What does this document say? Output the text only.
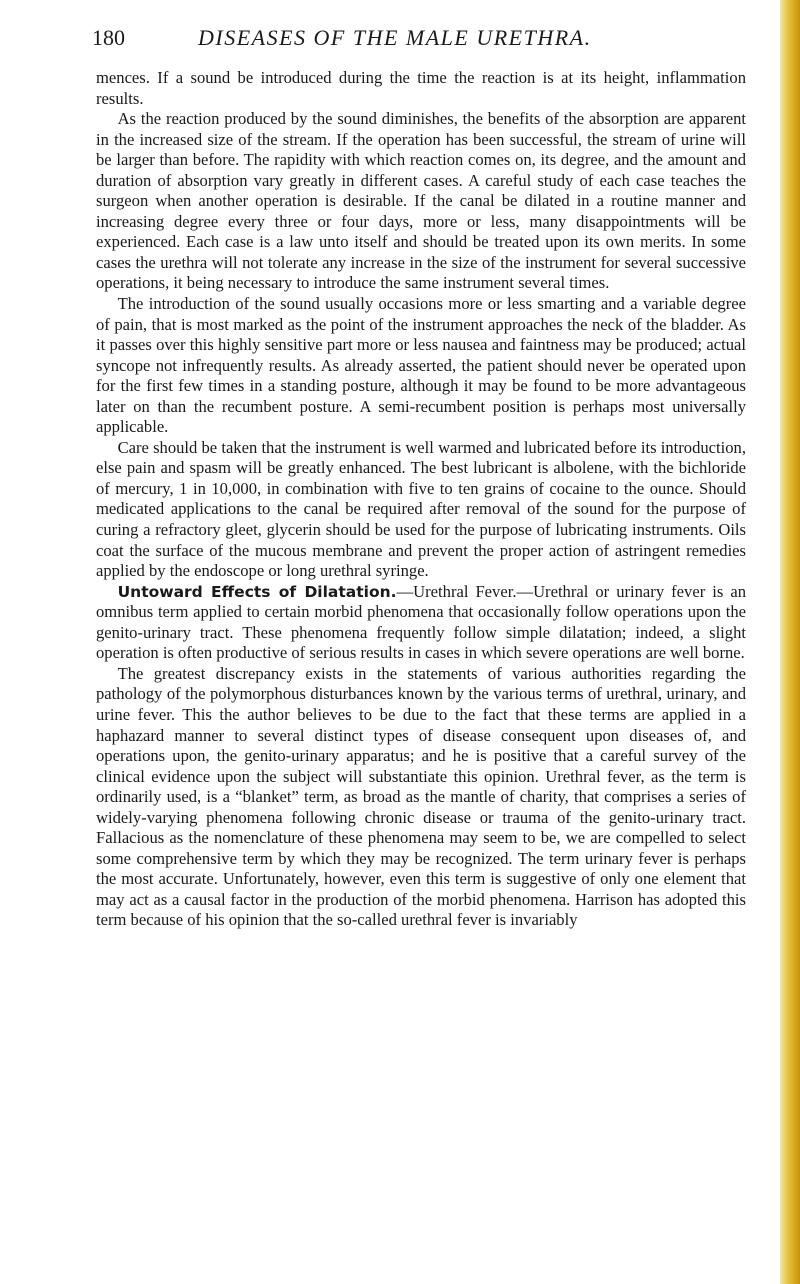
180	DISEASES OF THE MALE URETHRA.

mences. If a sound be introduced during the time the reaction is at its height, inflammation results.

As the reaction produced by the sound diminishes, the benefits of the absorption are apparent in the increased size of the stream. If the operation has been successful, the stream of urine will be larger than before. The rapidity with which reaction comes on, its degree, and the amount and duration of absorption vary greatly in different cases. A careful study of each case teaches the surgeon when another operation is desirable. If the canal be dilated in a routine manner and increasing degree every three or four days, more or less, many disappointments will be experienced. Each case is a law unto itself and should be treated upon its own merits. In some cases the urethra will not tolerate any increase in the size of the instrument for several successive operations, it being necessary to introduce the same instrument several times.

The introduction of the sound usually occasions more or less smarting and a variable degree of pain, that is most marked as the point of the instrument approaches the neck of the bladder. As it passes over this highly sensitive part more or less nausea and faintness may be produced; actual syncope not infrequently results. As already asserted, the patient should never be operated upon for the first few times in a standing posture, although it may be found to be more advantageous later on than the recumbent posture. A semi-recumbent position is perhaps most universally applicable.

Care should be taken that the instrument is well warmed and lubricated before its introduction, else pain and spasm will be greatly enhanced. The best lubricant is albolene, with the bichloride of mercury, 1 in 10,000, in combination with five to ten grains of cocaine to the ounce. Should medicated applications to the canal be required after removal of the sound for the purpose of curing a refractory gleet, glycerin should be used for the purpose of lubricating instruments. Oils coat the surface of the mucous membrane and prevent the proper action of astringent remedies applied by the endoscope or long urethral syringe.

Untoward Effects of Dilatation.—Urethral Fever.—Urethral or urinary fever is an omnibus term applied to certain morbid phenomena that occasionally follow operations upon the genito-urinary tract. These phenomena frequently follow simple dilatation; indeed, a slight operation is often productive of serious results in cases in which severe operations are well borne.

The greatest discrepancy exists in the statements of various authorities regarding the pathology of the polymorphous disturbances known by the various terms of urethral, urinary, and urine fever. This the author believes to be due to the fact that these terms are applied in a haphazard manner to several distinct types of disease consequent upon diseases of, and operations upon, the genito-urinary apparatus; and he is positive that a careful survey of the clinical evidence upon the subject will substantiate this opinion. Urethral fever, as the term is ordinarily used, is a “blanket” term, as broad as the mantle of charity, that comprises a series of widely-varying phenomena following chronic disease or trauma of the genito-urinary tract. Fallacious as the nomenclature of these phenomena may seem to be, we are compelled to select some comprehensive term by which they may be recognized. The term urinary fever is perhaps the most accurate. Unfortunately, however, even this term is suggestive of only one element that may act as a causal factor in the production of the morbid phenomena. Harrison has adopted this term because of his opinion that the so-called urethral fever is invariably
